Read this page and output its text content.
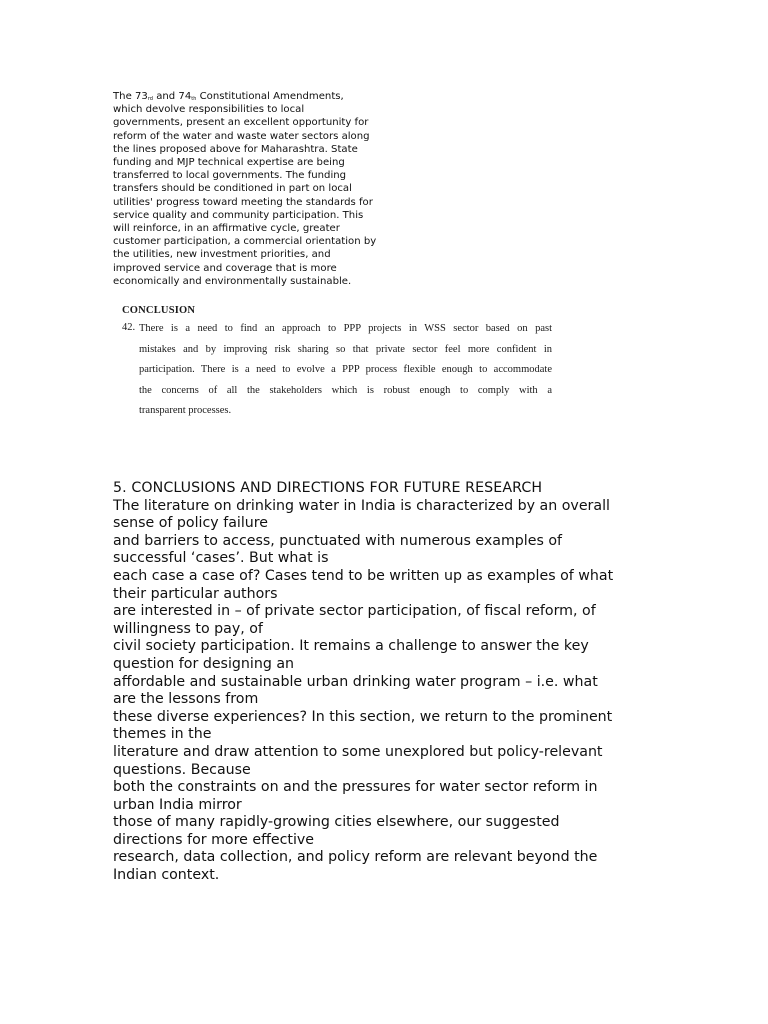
The $73_{rd}$ and $74_{th}$ Constitutional Amendments,
which devolve responsibilities to local
governments, present an excellent opportunity for
reform of the water and waste water sectors along
the lines proposed above for Maharashtra. State
funding and MJP technical expertise are being
transferred to local governments. The funding
transfers should be conditioned in part on local
utilities' progress toward meeting the standards for
service quality and community participation. This
will reinforce, in an affirmative cycle, greater
customer participation, a commercial orientation by
the utilities, new investment priorities, and
improved service and coverage that is more
economically and environmentally sustainable.
CONCLUSION
42. There is a need to find an approach to PPP projects in WSS sector based on past
mistakes and by improving risk sharing so that private sector feel more confident in
participation. There is a need to evolve a PPP process flexible enough to accommodate
the concerns of all the stakeholders which is robust enough to comply with a
transparent processes.
5. CONCLUSIONS AND DIRECTIONS FOR FUTURE RESEARCH
The literature on drinking water in India is characterized by an overall
sense of policy failure
and barriers to access, punctuated with numerous examples of
successful ‘cases’. But what is
each case a case of? Cases tend to be written up as examples of what
their particular authors
are interested in – of private sector participation, of fiscal reform, of
willingness to pay, of
civil society participation. It remains a challenge to answer the key
question for designing an
affordable and sustainable urban drinking water program – i.e. what
are the lessons from
these diverse experiences? In this section, we return to the prominent
themes in the
literature and draw attention to some unexplored but policy-relevant
questions. Because
both the constraints on and the pressures for water sector reform in
urban India mirror
those of many rapidly-growing cities elsewhere, our suggested
directions for more effective
research, data collection, and policy reform are relevant beyond the
Indian context.
